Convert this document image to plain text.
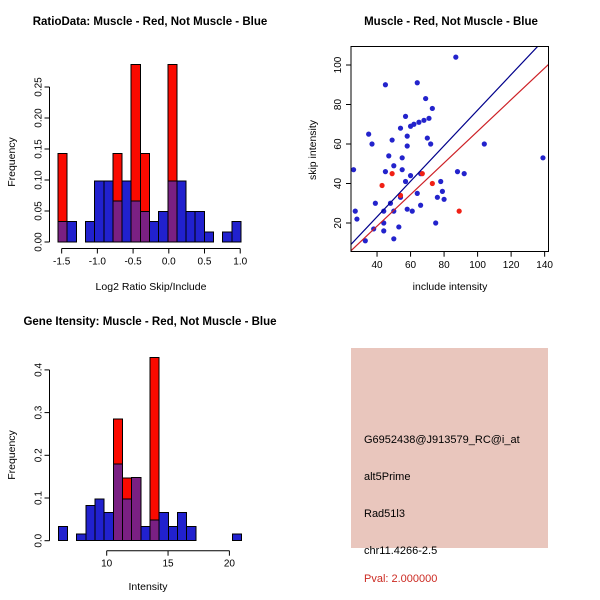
RatioData: Muscle - Red, Not Muscle - Blue
0.00
0.05
0.10
0.15
0.20
0.25
-1.5 -1.0 -0.5 0.0 0.5 1.0
Log2 Ratio Skip/Include
Frequency
Muscle - Red, Not Muscle - Blue
40 60 80 100 120 140
20
40
60
80
100
include intensity
skip intensity
Gene Itensity: Muscle - Red, Not Muscle - Blue
0.0
0.1
0.2
0.3
0.4
10	15	20
Intensity
Frequency	G6952438@J913579_RC@i_at
alt5Prime
Rad51l3
chr11.4266-2.5
Pval: 2.000000
